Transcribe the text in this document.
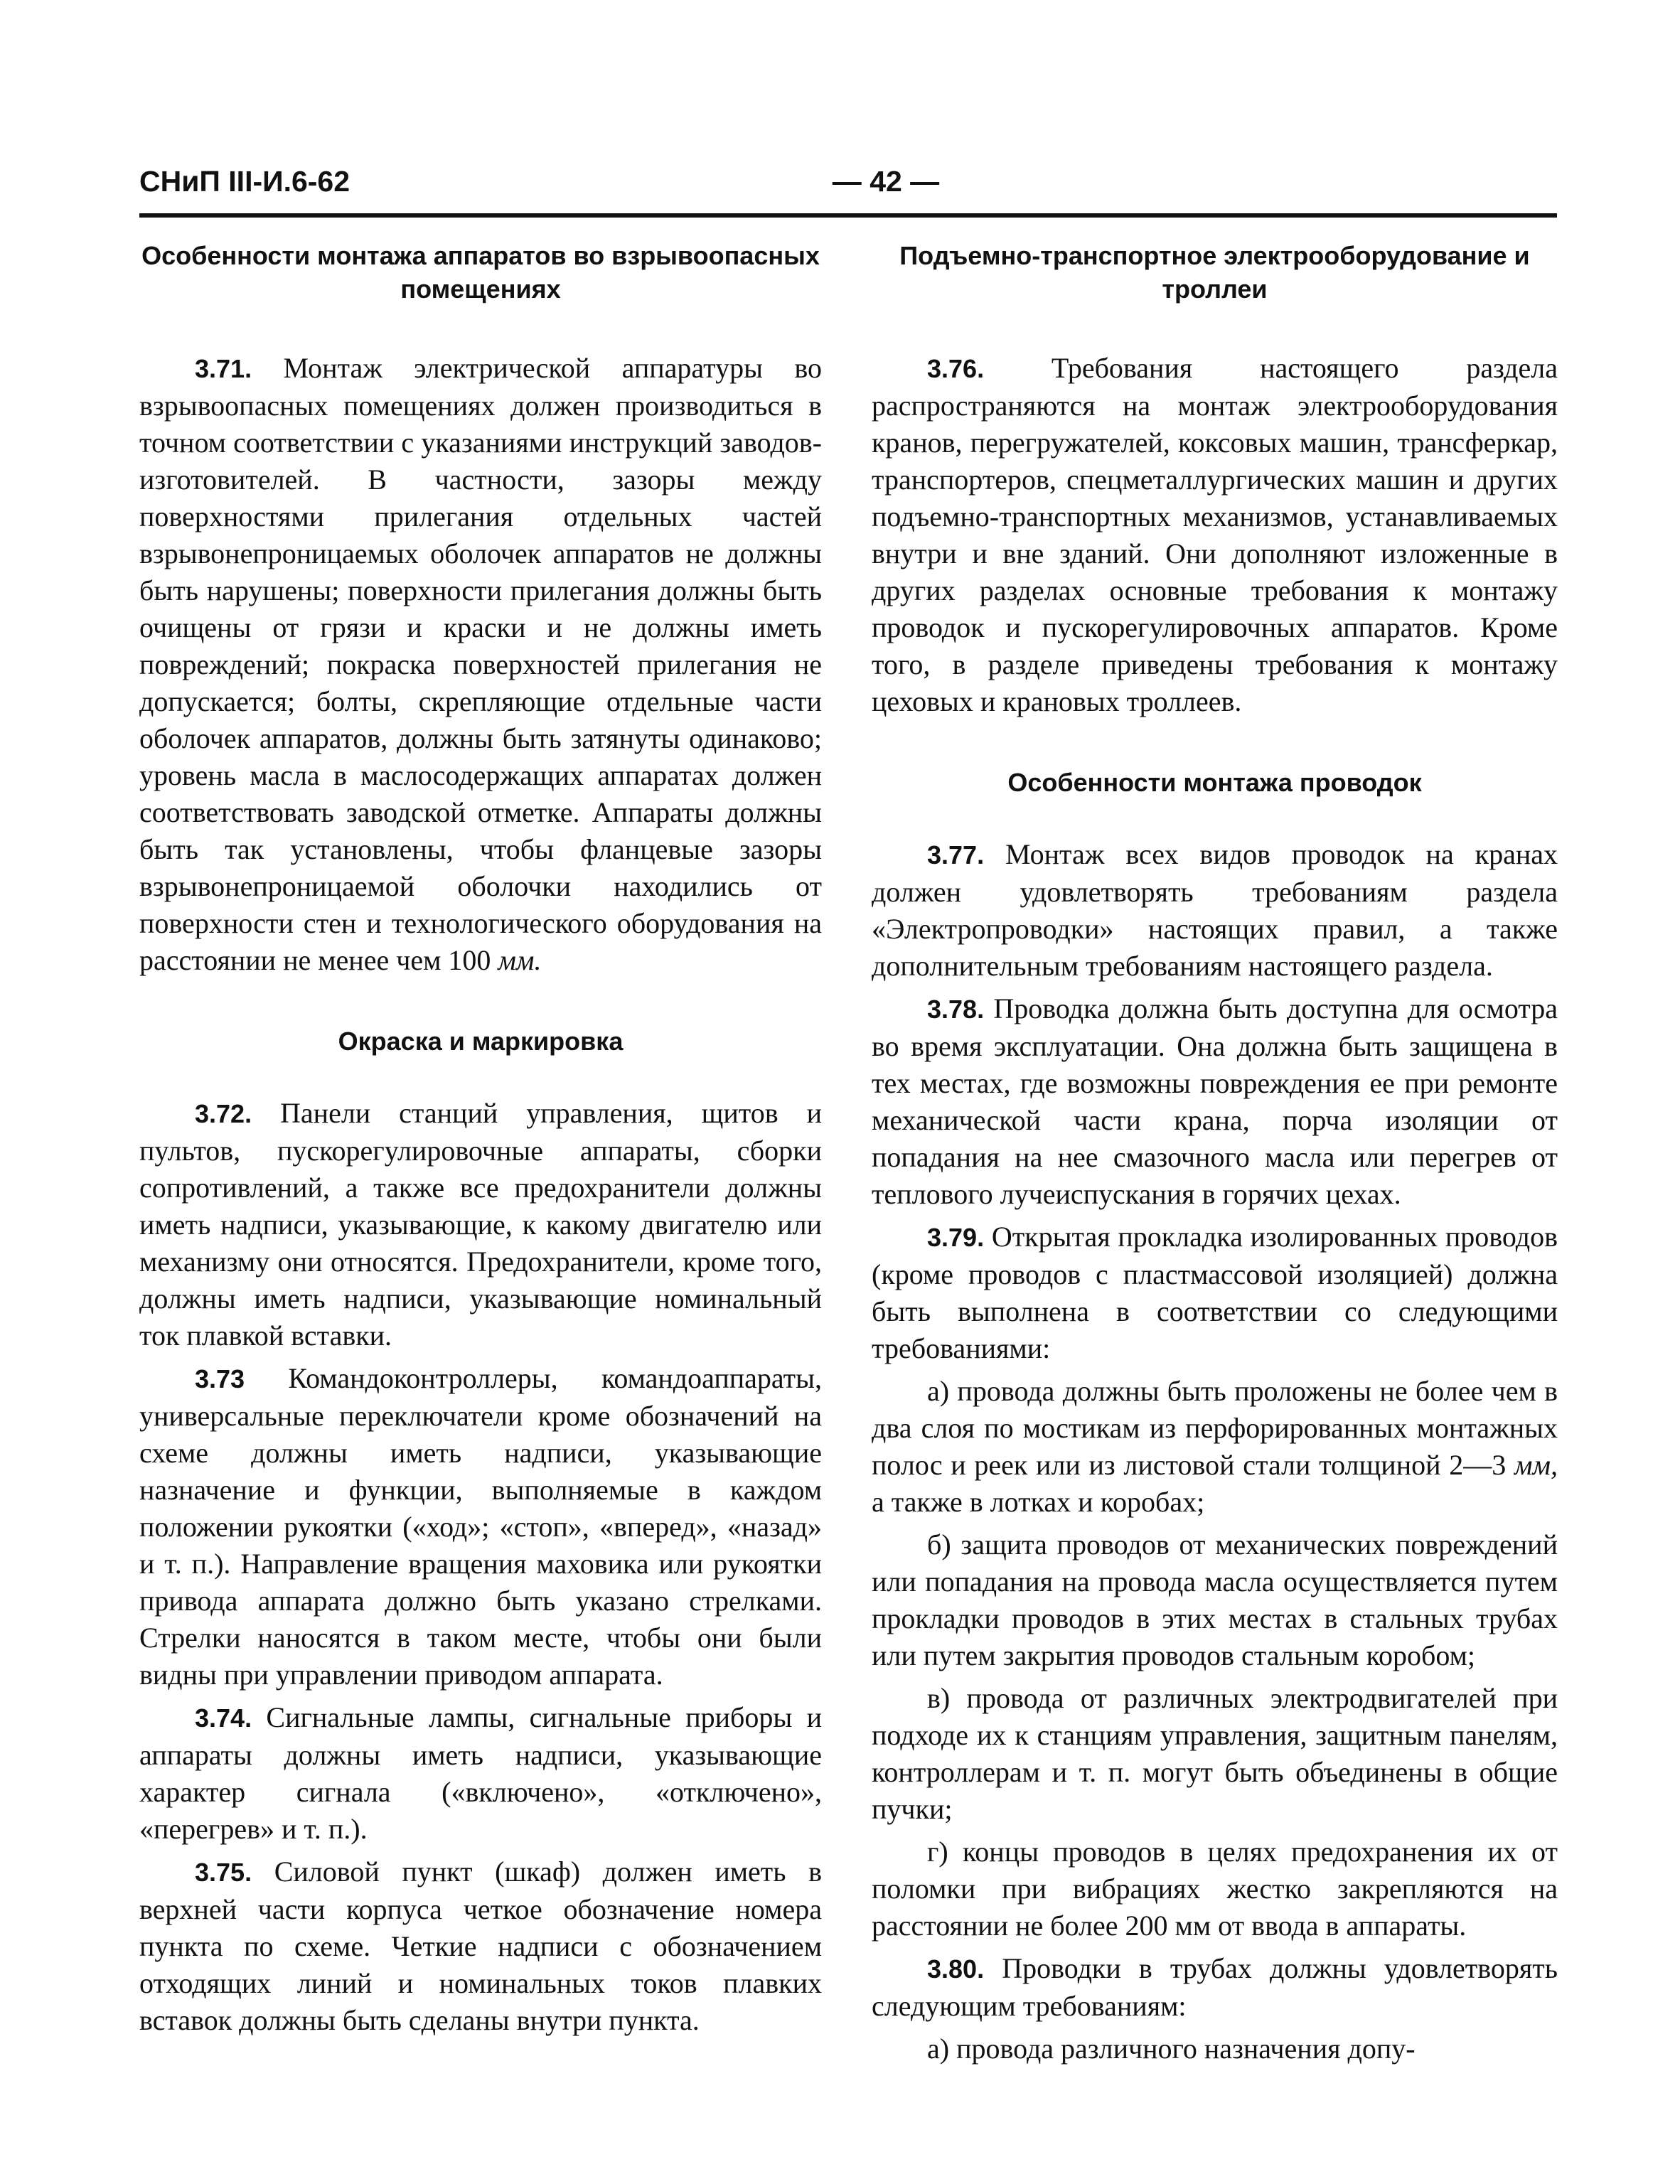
СНиП III-И.6-62	— 42 —
Особенности монтажа аппаратов во взрывоопасных помещениях

3.71. Монтаж электрической аппаратуры во взрывоопасных помещениях должен производиться в точном соответствии с указаниями инструкций заводов-изготовителей. В частности, зазоры между поверхностями прилегания отдельных частей взрывонепроницаемых оболочек аппаратов не должны быть нарушены; поверхности прилегания должны быть очищены от грязи и краски и не должны иметь повреждений; покраска поверхностей прилегания не допускается; болты, скрепляющие отдельные части оболочек аппаратов, должны быть затянуты одинаково; уровень масла в маслосодержащих аппаратах должен соответствовать заводской отметке. Аппараты должны быть так установлены, чтобы фланцевые зазоры взрывонепроницаемой оболочки находились от поверхности стен и технологического оборудования на расстоянии не менее чем 100 мм.

Окраска и маркировка

3.72. Панели станций управления, щитов и пультов, пускорегулировочные аппараты, сборки сопротивлений, а также все предохранители должны иметь надписи, указывающие, к какому двигателю или механизму они относятся. Предохранители, кроме того, должны иметь надписи, указывающие номинальный ток плавкой вставки.

3.73 Командоконтроллеры, командоаппараты, универсальные переключатели кроме обозначений на схеме должны иметь надписи, указывающие назначение и функции, выполняемые в каждом положении рукоятки («ход»; «стоп», «вперед», «назад» и т. п.). Направление вращения маховика или рукоятки привода аппарата должно быть указано стрелками. Стрелки наносятся в таком месте, чтобы они были видны при управлении приводом аппарата.

3.74. Сигнальные лампы, сигнальные приборы и аппараты должны иметь надписи, указывающие характер сигнала («включено», «отключено», «перегрев» и т. п.).

3.75. Силовой пункт (шкаф) должен иметь в верхней части корпуса четкое обозначение номера пункта по схеме. Четкие надписи с обозначением отходящих линий и номинальных токов плавких вставок должны быть сделаны внутри пункта.

Подъемно-транспортное электрооборудование и троллеи

3.76. Требования настоящего раздела распространяются на монтаж электрооборудования кранов, перегружателей, коксовых машин, трансферкар, транспортеров, спецметаллургических машин и других подъемно-транспортных механизмов, устанавливаемых внутри и вне зданий. Они дополняют изложенные в других разделах основные требования к монтажу проводок и пускорегулировочных аппаратов. Кроме того, в разделе приведены требования к монтажу цеховых и крановых троллеев.

Особенности монтажа проводок

3.77. Монтаж всех видов проводок на кранах должен удовлетворять требованиям раздела «Электропроводки» настоящих правил, а также дополнительным требованиям настоящего раздела.

3.78. Проводка должна быть доступна для осмотра во время эксплуатации. Она должна быть защищена в тех местах, где возможны повреждения ее при ремонте механической части крана, порча изоляции от попадания на нее смазочного масла или перегрев от теплового лучеиспускания в горячих цехах.

3.79. Открытая прокладка изолированных проводов (кроме проводов с пластмассовой изоляцией) должна быть выполнена в соответствии со следующими требованиями:

а) провода должны быть проложены не более чем в два слоя по мостикам из перфорированных монтажных полос и реек или из листовой стали толщиной 2—3 мм, а также в лотках и коробах;

б) защита проводов от механических повреждений или попадания на провода масла осуществляется путем прокладки проводов в этих местах в стальных трубах или путем закрытия проводов стальным коробом;

в) провода от различных электродвигателей при подходе их к станциям управления, защитным панелям, контроллерам и т. п. могут быть объединены в общие пучки;

г) концы проводов в целях предохранения их от поломки при вибрациях жестко закрепляются на расстоянии не более 200 мм от ввода в аппараты.

3.80. Проводки в трубах должны удовлетворять следующим требованиям:

а) провода различного назначения допу-
